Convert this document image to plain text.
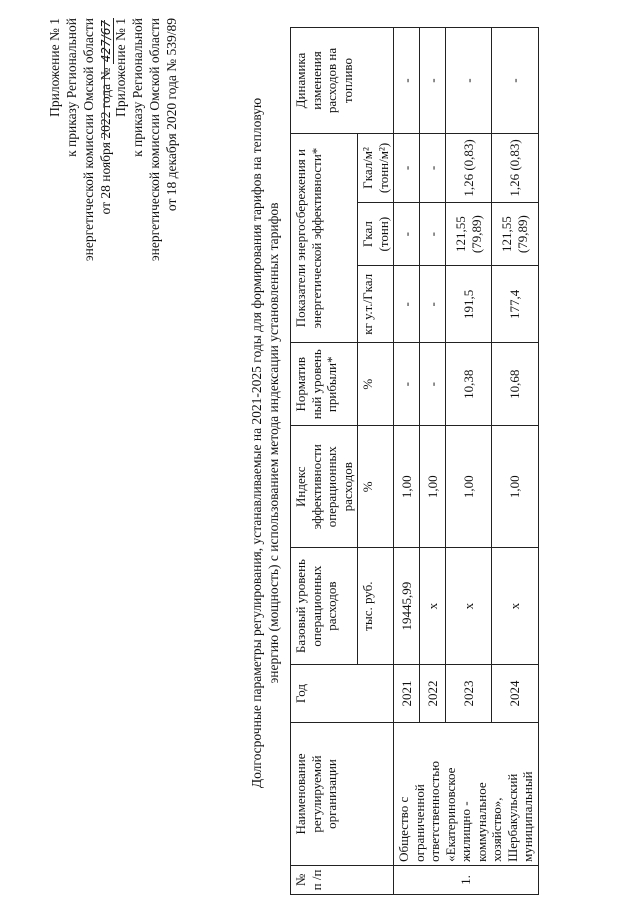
Приложение № 1 к приказу Региональной энергетической комиссии Омской области от 28 ноября 2022 года № 427/67 Приложение № 1 к приказу Региональной энергетической комиссии Омской области от 18 декабря 2020 года № 539/89	Долгосрочные параметры регулирования, устанавливаемые на 2021-2025 годы для формирования тарифов на тепловую энергию (мощность) с использованием метода индексации установленных тарифов
№ п /п	Наименование регулируемой организации	Год	Базовый уровень операционных расходов	Индекс эффективности операционных расходов	Норматив ный уровень прибыли*	Показатели энергосбережения и энергетической эффективности*			Динамика изменения расходов на топливо
			тыс. руб.	%	%	кг у.т./Гкал	Гкал (тонн)	Гкал/м² (тонн/м²)	
1.	Общество с ограниченной ответственностью «Екатериновское жилищно - коммунальное хозяйство», Шербакульский муниципальный	2021	19445,99	1,00	-	-	-	-	-
		2022	х	1,00	-	-	-	-	-
		2023	х	1,00	10,38	191,5	121,55 (79,89)	1,26 (0,83)	-
		2024	х	1,00	10,68	177,4	121,55 (79,89)	1,26 (0,83)	-
